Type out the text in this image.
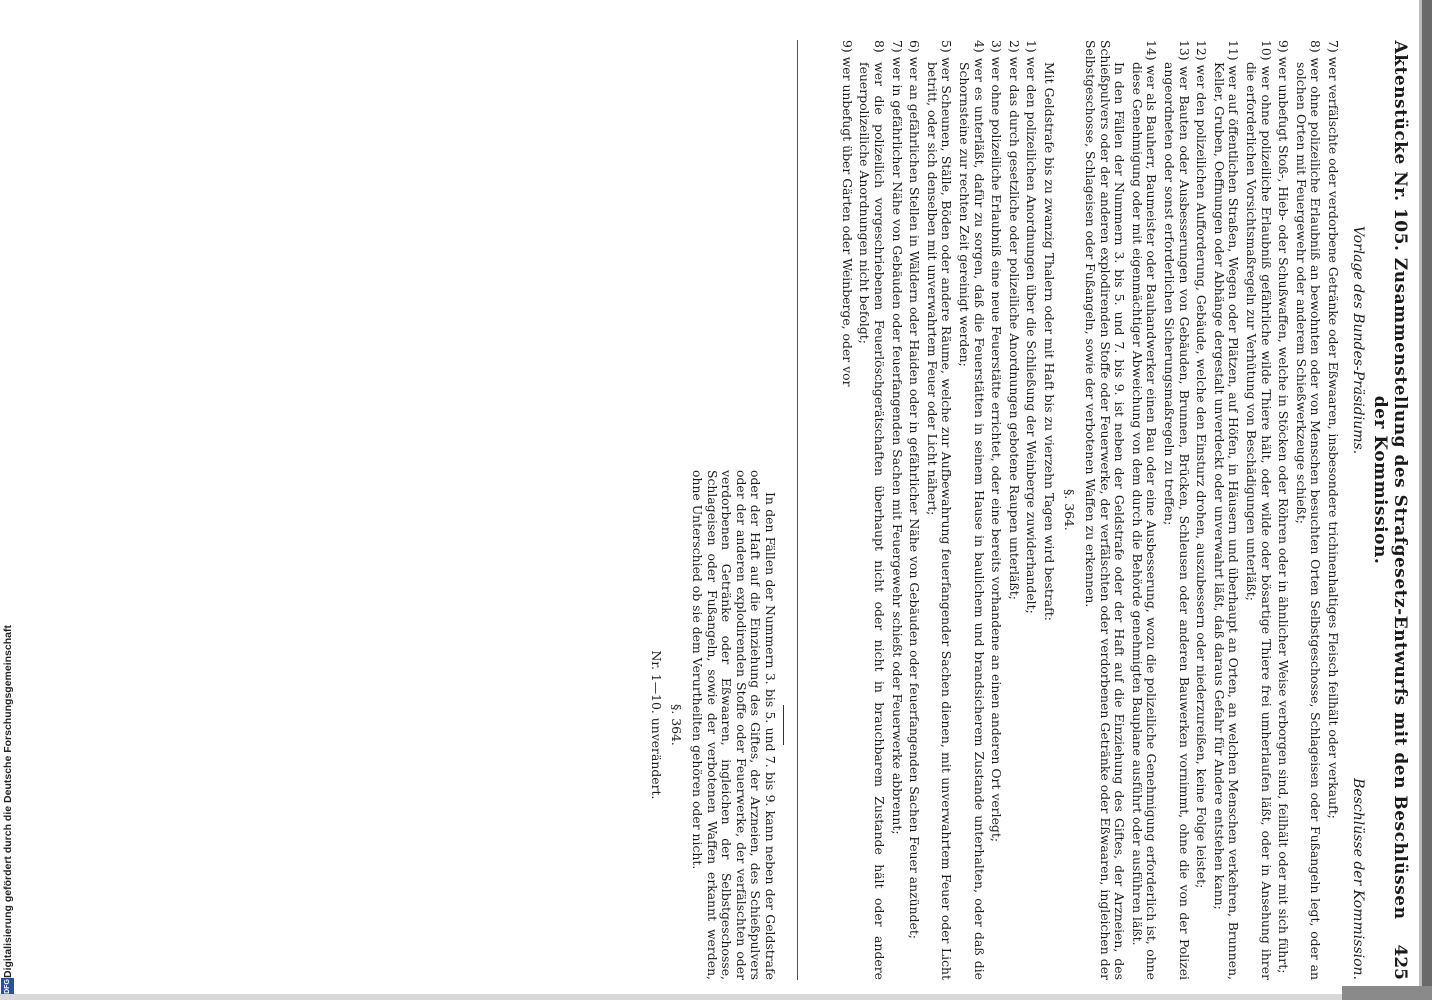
Digitalisierung gefördert durch die Deutsche Forschungsgemeinschaft
DFG
Aktenstücke Nr. 105. Zusammenstellung des Strafgesetz-Entwurfs mit den Beschlüssen der Kommission.
425
Vorlage des Bundes-Präsidiums.
Beschlüsse der Kommission.

7) wer verfälschte oder verdorbene Getränke oder Eßwaaren, insbesondere trichinenhaltiges Fleisch feilhält oder verkauft;

8) wer ohne polizeiliche Erlaubniß an bewohnten oder von Menschen besuchten Orten Selbstgeschosse, Schlageisen oder Fußangeln legt, oder an solchen Orten mit Feuergewehr oder anderem Schießwerkzeuge schießt;

9) wer unbefugt Stoß-, Hieb- oder Schußwaffen, welche in Stöcken oder Röhren oder in ähnlicher Weise verborgen sind, feilhält oder mit sich führt;

10) wer ohne polizeiliche Erlaubniß gefährliche wilde Thiere hält, oder wilde oder bösartige Thiere frei umherlaufen läßt, oder in Ansehung ihrer die erforderlichen Vorsichtsmaßregeln zur Verhütung von Beschädigungen unterläßt;

11) wer auf öffentlichen Straßen, Wegen oder Plätzen, auf Höfen, in Häusern und überhaupt an Orten, an welchen Menschen verkehren, Brunnen, Keller, Gruben, Oeffnungen oder Abhänge dergestalt unverdeckt oder unverwahrt läßt, daß daraus Gefahr für Andere entstehen kann;

12) wer den polizeilichen Aufforderung, Gebäude, welche den Einsturz drohen, auszubessern oder niederzureißen, keine Folge leistet;

13) wer Bauten oder Ausbesserungen von Gebäuden, Brunnen, Brücken, Schleusen oder anderen Bauwerken vornimmt, ohne die von der Polizei angeordneten oder sonst erforderlichen Sicherungsmaßregeln zu treffen;

14) wer als Bauherr, Baumeister oder Bauhandwerker einen Bau oder eine Ausbesserung, wozu die polizeiliche Genehmigung erforderlich ist, ohne diese Genehmigung oder mit eigenmächtiger Abweichung von dem durch die Behörde genehmigten Bauplane ausführt oder ausführen läßt.

In den Fällen der Nummern 3. bis 5. und 7. bis 9. ist neben der Geldstrafe oder der Haft auf die Einziehung des Giftes, der Arzneien, des Schießpulvers oder der anderen explodirenden Stoffe oder Feuerwerke, der verfälschten oder verdorbenen Getränke oder Eßwaaren, ingleichen der Selbstgeschosse, Schlageisen oder Fußangeln, sowie der verbotenen Waffen zu erkennen.

§. 364.

Mit Geldstrafe bis zu zwanzig Thalern oder mit Haft bis zu vierzehn Tagen wird bestraft:

1) wer den polizeilichen Anordnungen über die Schließung der Weinberge zuwiderhandelt;

2) wer das durch gesetzliche oder polizeiliche Anordnungen gebotene Raupen unterläßt;

3) wer ohne polizeiliche Erlaubniß eine neue Feuerstätte errichtet, oder eine bereits vorhandene an einen anderen Ort verlegt;

4) wer es unterläßt, dafür zu sorgen, daß die Feuerstätten in seinem Hause in baulichem und brandsicherem Zustande unterhalten, oder daß die Schornsteine zur rechten Zeit gereinigt werden;

5) wer Scheunen, Ställe, Böden oder andere Räume, welche zur Aufbewahrung feuerfangender Sachen dienen, mit unverwahrtem Feuer oder Licht betritt, oder sich denselben mit unverwahrtem Feuer oder Licht nähert;

6) wer an gefährlichen Stellen in Wäldern oder Haiden oder in gefährlicher Nähe von Gebäuden oder feuerfangenden Sachen Feuer anzündet;

7) wer in gefährlicher Nähe von Gebäuden oder feuerfangenden Sachen mit Feuergewehr schießt oder Feuerwerke abbrennt;

8) wer die polizeilich vorgeschriebenen Feuerlöschgerätschaften überhaupt nicht oder nicht in brauchbarem Zustande hält oder andere feuerpolizeiliche Anordnungen nicht befolgt;

9) wer unbefugt über Gärten oder Weinberge, oder vor

In den Fällen der Nummern 3. bis 5. und 7. bis 9. kann neben der Geldstrafe oder der Haft auf die Einziehung des Giftes, der Arzneien, des Schießpulvers oder der anderen explodirenden Stoffe oder Feuerwerke, der verfälschten oder verdorbenen Getränke oder Eßwaaren, ingleichen der Selbstgeschosse, Schlageisen oder Fußangeln, sowie der verbotenen Waffen erkannt werden, ohne Unterschied ob sie dem Verurtheilten gehören oder nicht.

§. 364.

Nr. 1—10. unverändert.
